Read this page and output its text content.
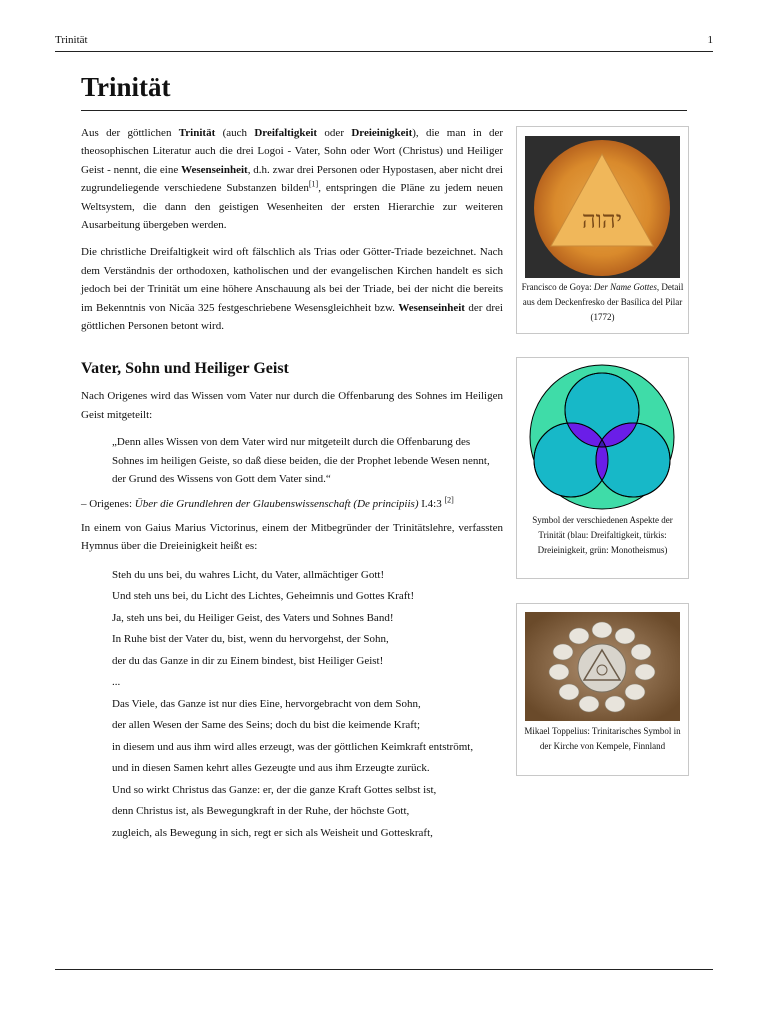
Trinität	1
Trinität

Aus der göttlichen Trinität (auch Dreifaltigkeit oder Dreieinigkeit), die man in der theosophischen Literatur auch die drei Logoi - Vater, Sohn oder Wort (Christus) und Heiliger Geist - nennt, die eine Wesenseinheit, d.h. zwar drei Personen oder Hypostasen, aber nicht drei zugrundeliegende verschiedene Substanzen bilden[1], entspringen die Pläne zu jedem neuen Weltsystem, die dann den geistigen Wesenheiten der ersten Hierarchie zur weiteren Ausarbeitung übergeben werden.

Die christliche Dreifaltigkeit wird oft fälschlich als Trias oder Götter-Triade bezeichnet. Nach dem Verständnis der orthodoxen, katholischen und der evangelischen Kirchen handelt es sich jedoch bei der Trinität um eine höhere Anschauung als bei der Triade, bei der nicht die bereits im Bekenntnis von Nicäa 325 festgeschriebene Wesensgleichheit bzw. Wesenseinheit der drei göttlichen Personen betont wird.

Vater, Sohn und Heiliger Geist

Nach Origenes wird das Wissen vom Vater nur durch die Offenbarung des Sohnes im Heiligen Geist mitgeteilt:

„Denn alles Wissen von dem Vater wird nur mitgeteilt durch die Offenbarung des Sohnes im heiligen Geiste, so daß diese beiden, die der Prophet lebende Wesen nennt, der Grund des Wissens von Gott dem Vater sind.“

– Origenes: Über die Grundlehren der Glaubenswissenschaft (De principiis) I.4:3 [2]

In einem von Gaius Marius Victorinus, einem der Mitbegründer der Trinitätslehre, verfassten Hymnus über die Dreieinigkeit heißt es:

Steh du uns bei, du wahres Licht, du Vater, allmächtiger Gott!
Und steh uns bei, du Licht des Lichtes, Geheimnis und Gottes Kraft!
Ja, steh uns bei, du Heiliger Geist, des Vaters und Sohnes Band!
In Ruhe bist der Vater du, bist, wenn du hervorgehst, der Sohn,
der du das Ganze in dir zu Einem bindest, bist Heiliger Geist!
...
Das Viele, das Ganze ist nur dies Eine, hervorgebracht von dem Sohn,
der allen Wesen der Same des Seins; doch du bist die keimende Kraft;
in diesem und aus ihm wird alles erzeugt, was der göttlichen Keimkraft entströmt,
und in diesen Samen kehrt alles Gezeugte und aus ihm Erzeugte zurück.
Und so wirkt Christus das Ganze: er, der die ganze Kraft Gottes selbst ist,
denn Christus ist, als Bewegungkraft in der Ruhe, der höchste Gott,
zugleich, als Bewegung in sich, regt er sich als Weisheit und Gotteskraft,
יהוה
Francisco de Goya: Der Name Gottes, Detail aus dem Deckenfresko der Basílica del Pilar (1772)
Symbol der verschiedenen Aspekte der Trinität (blau: Dreifaltigkeit, türkis: Dreieinigkeit, grün: Monotheismus)
Mikael Toppelius: Trinitarisches Symbol in der Kirche von Kempele, Finnland
